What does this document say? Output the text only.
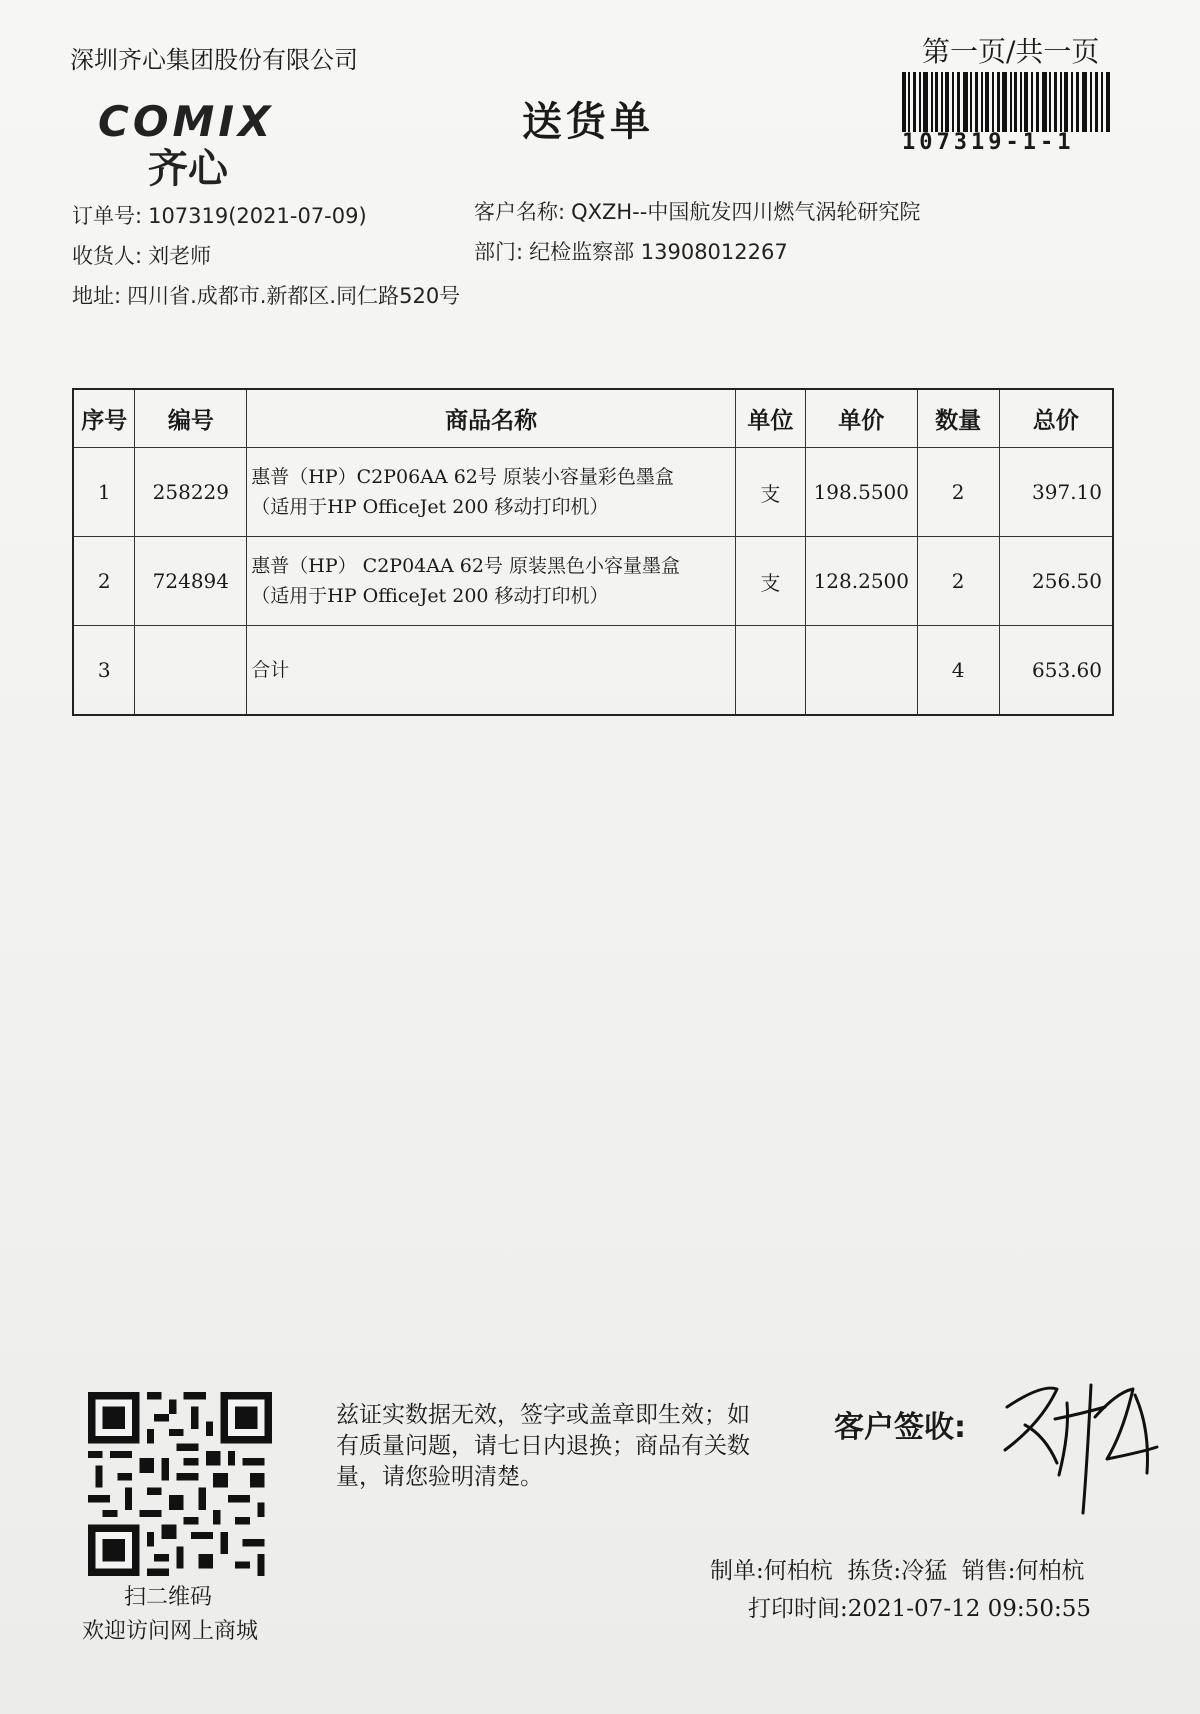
深圳齐心集团股份有限公司	第一页/共一页
107319-1-1
COMIX
齐心
送货单
订单号: 107319(2021-07-09)	客户名称: QXZH--中国航发四川燃气涡轮研究院
收货人: 刘老师	部门: 纪检监察部 13908012267
地址: 四川省.成都市.新都区.同仁路520号
序号	编号	商品名称	单位	单价	数量	总价
1	258229	惠普（HP）C2P06AA 62号 原装小容量彩色墨盒
（适用于HP OfficeJet 200 移动打印机）	支	198.5500	2	397.10
2	724894	惠普（HP） C2P04AA 62号 原装黑色小容量墨盒
（适用于HP OfficeJet 200 移动打印机）	支	128.2500	2	256.50
3		合计			4	653.60
扫二维码
欢迎访问网上商城
兹证实数据无效，签字或盖章即生效；如有质量问题，请七日内退换；商品有关数量，请您验明清楚。
客户签收:
制单:何柏杭  拣货:冷猛  销售:何柏杭
打印时间:2021-07-12 09:50:55
